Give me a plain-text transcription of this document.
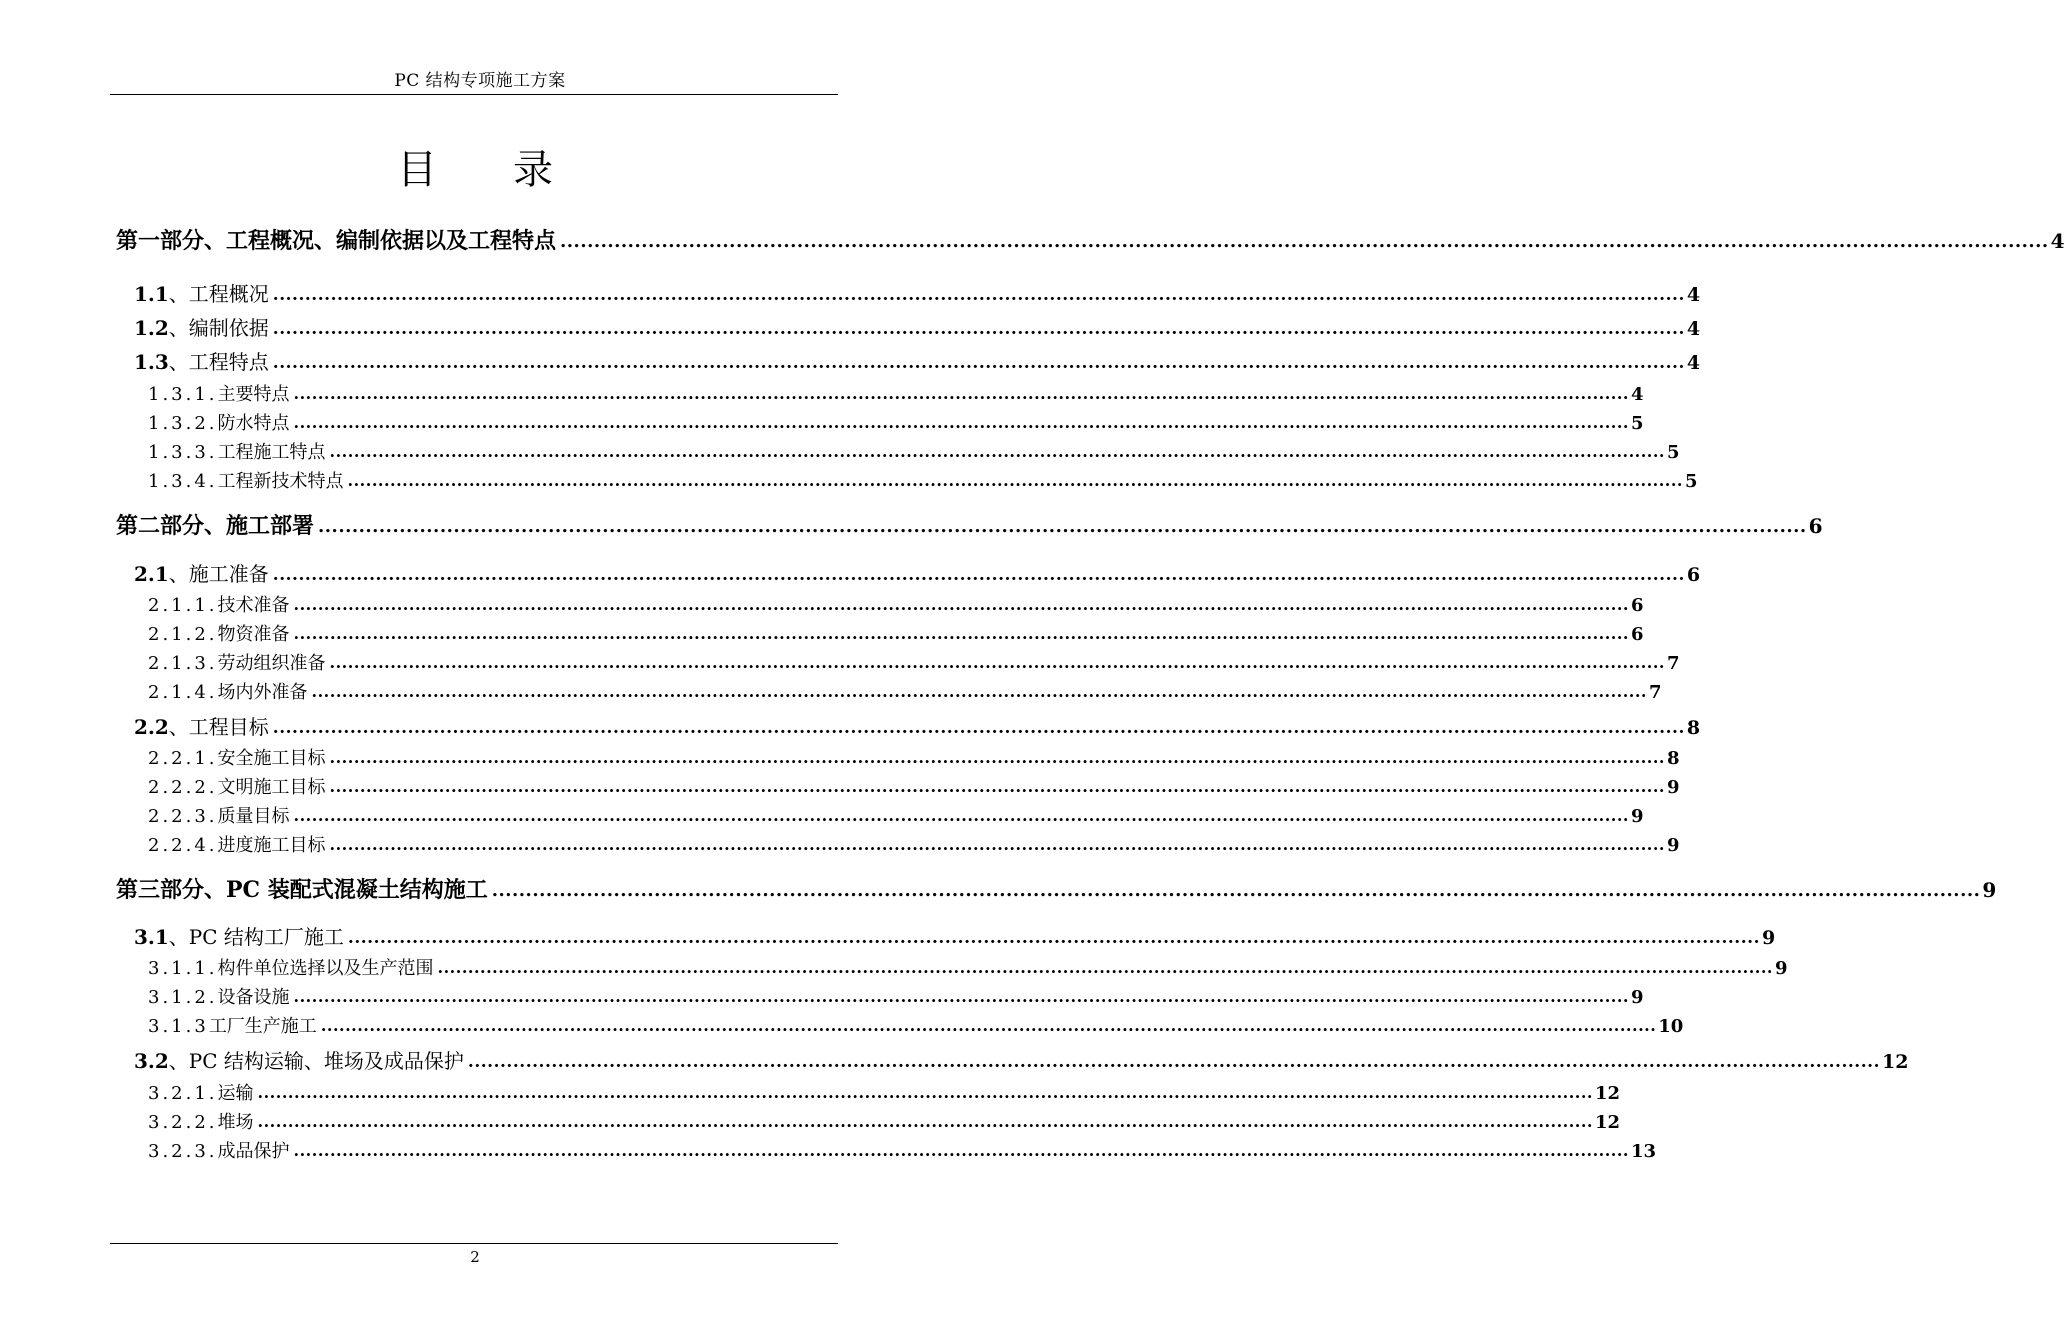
PC 结构专项施工方案
目 录
第一部分、工程概况、编制依据以及工程特点 ............................................................................................................................................................................................................................ 4
1.1、工程概况 ............................................................................................................................................................................................................................ 4
1.2、编制依据 ............................................................................................................................................................................................................................ 4
1.3、工程特点 ............................................................................................................................................................................................................................ 4
1.3.1.主要特点 ............................................................................................................................................................................................................................ 4
1.3.2.防水特点 ............................................................................................................................................................................................................................ 5
1.3.3.工程施工特点 ............................................................................................................................................................................................................................ 5
1.3.4.工程新技术特点 ............................................................................................................................................................................................................................ 5
第二部分、施工部署 ............................................................................................................................................................................................................................ 6
2.1、施工准备 ............................................................................................................................................................................................................................ 6
2.1.1.技术准备 ............................................................................................................................................................................................................................ 6
2.1.2.物资准备 ............................................................................................................................................................................................................................ 6
2.1.3.劳动组织准备 ............................................................................................................................................................................................................................ 7
2.1.4.场内外准备 ............................................................................................................................................................................................................................ 7
2.2、工程目标 ............................................................................................................................................................................................................................ 8
2.2.1.安全施工目标 ............................................................................................................................................................................................................................ 8
2.2.2.文明施工目标 ............................................................................................................................................................................................................................ 9
2.2.3.质量目标 ............................................................................................................................................................................................................................ 9
2.2.4.进度施工目标 ............................................................................................................................................................................................................................ 9
第三部分、PC 装配式混凝土结构施工 ............................................................................................................................................................................................................................ 9
3.1、PC 结构工厂施工 ............................................................................................................................................................................................................................ 9
3.1.1.构件单位选择以及生产范围 ............................................................................................................................................................................................................................ 9
3.1.2.设备设施 ............................................................................................................................................................................................................................ 9
3.1.3工厂生产施工 ............................................................................................................................................................................................................................ 10
3.2、PC 结构运输、堆场及成品保护 ............................................................................................................................................................................................................................ 12
3.2.1.运输 ............................................................................................................................................................................................................................ 12
3.2.2.堆场 ............................................................................................................................................................................................................................ 12
3.2.3.成品保护 ............................................................................................................................................................................................................................ 13
2
